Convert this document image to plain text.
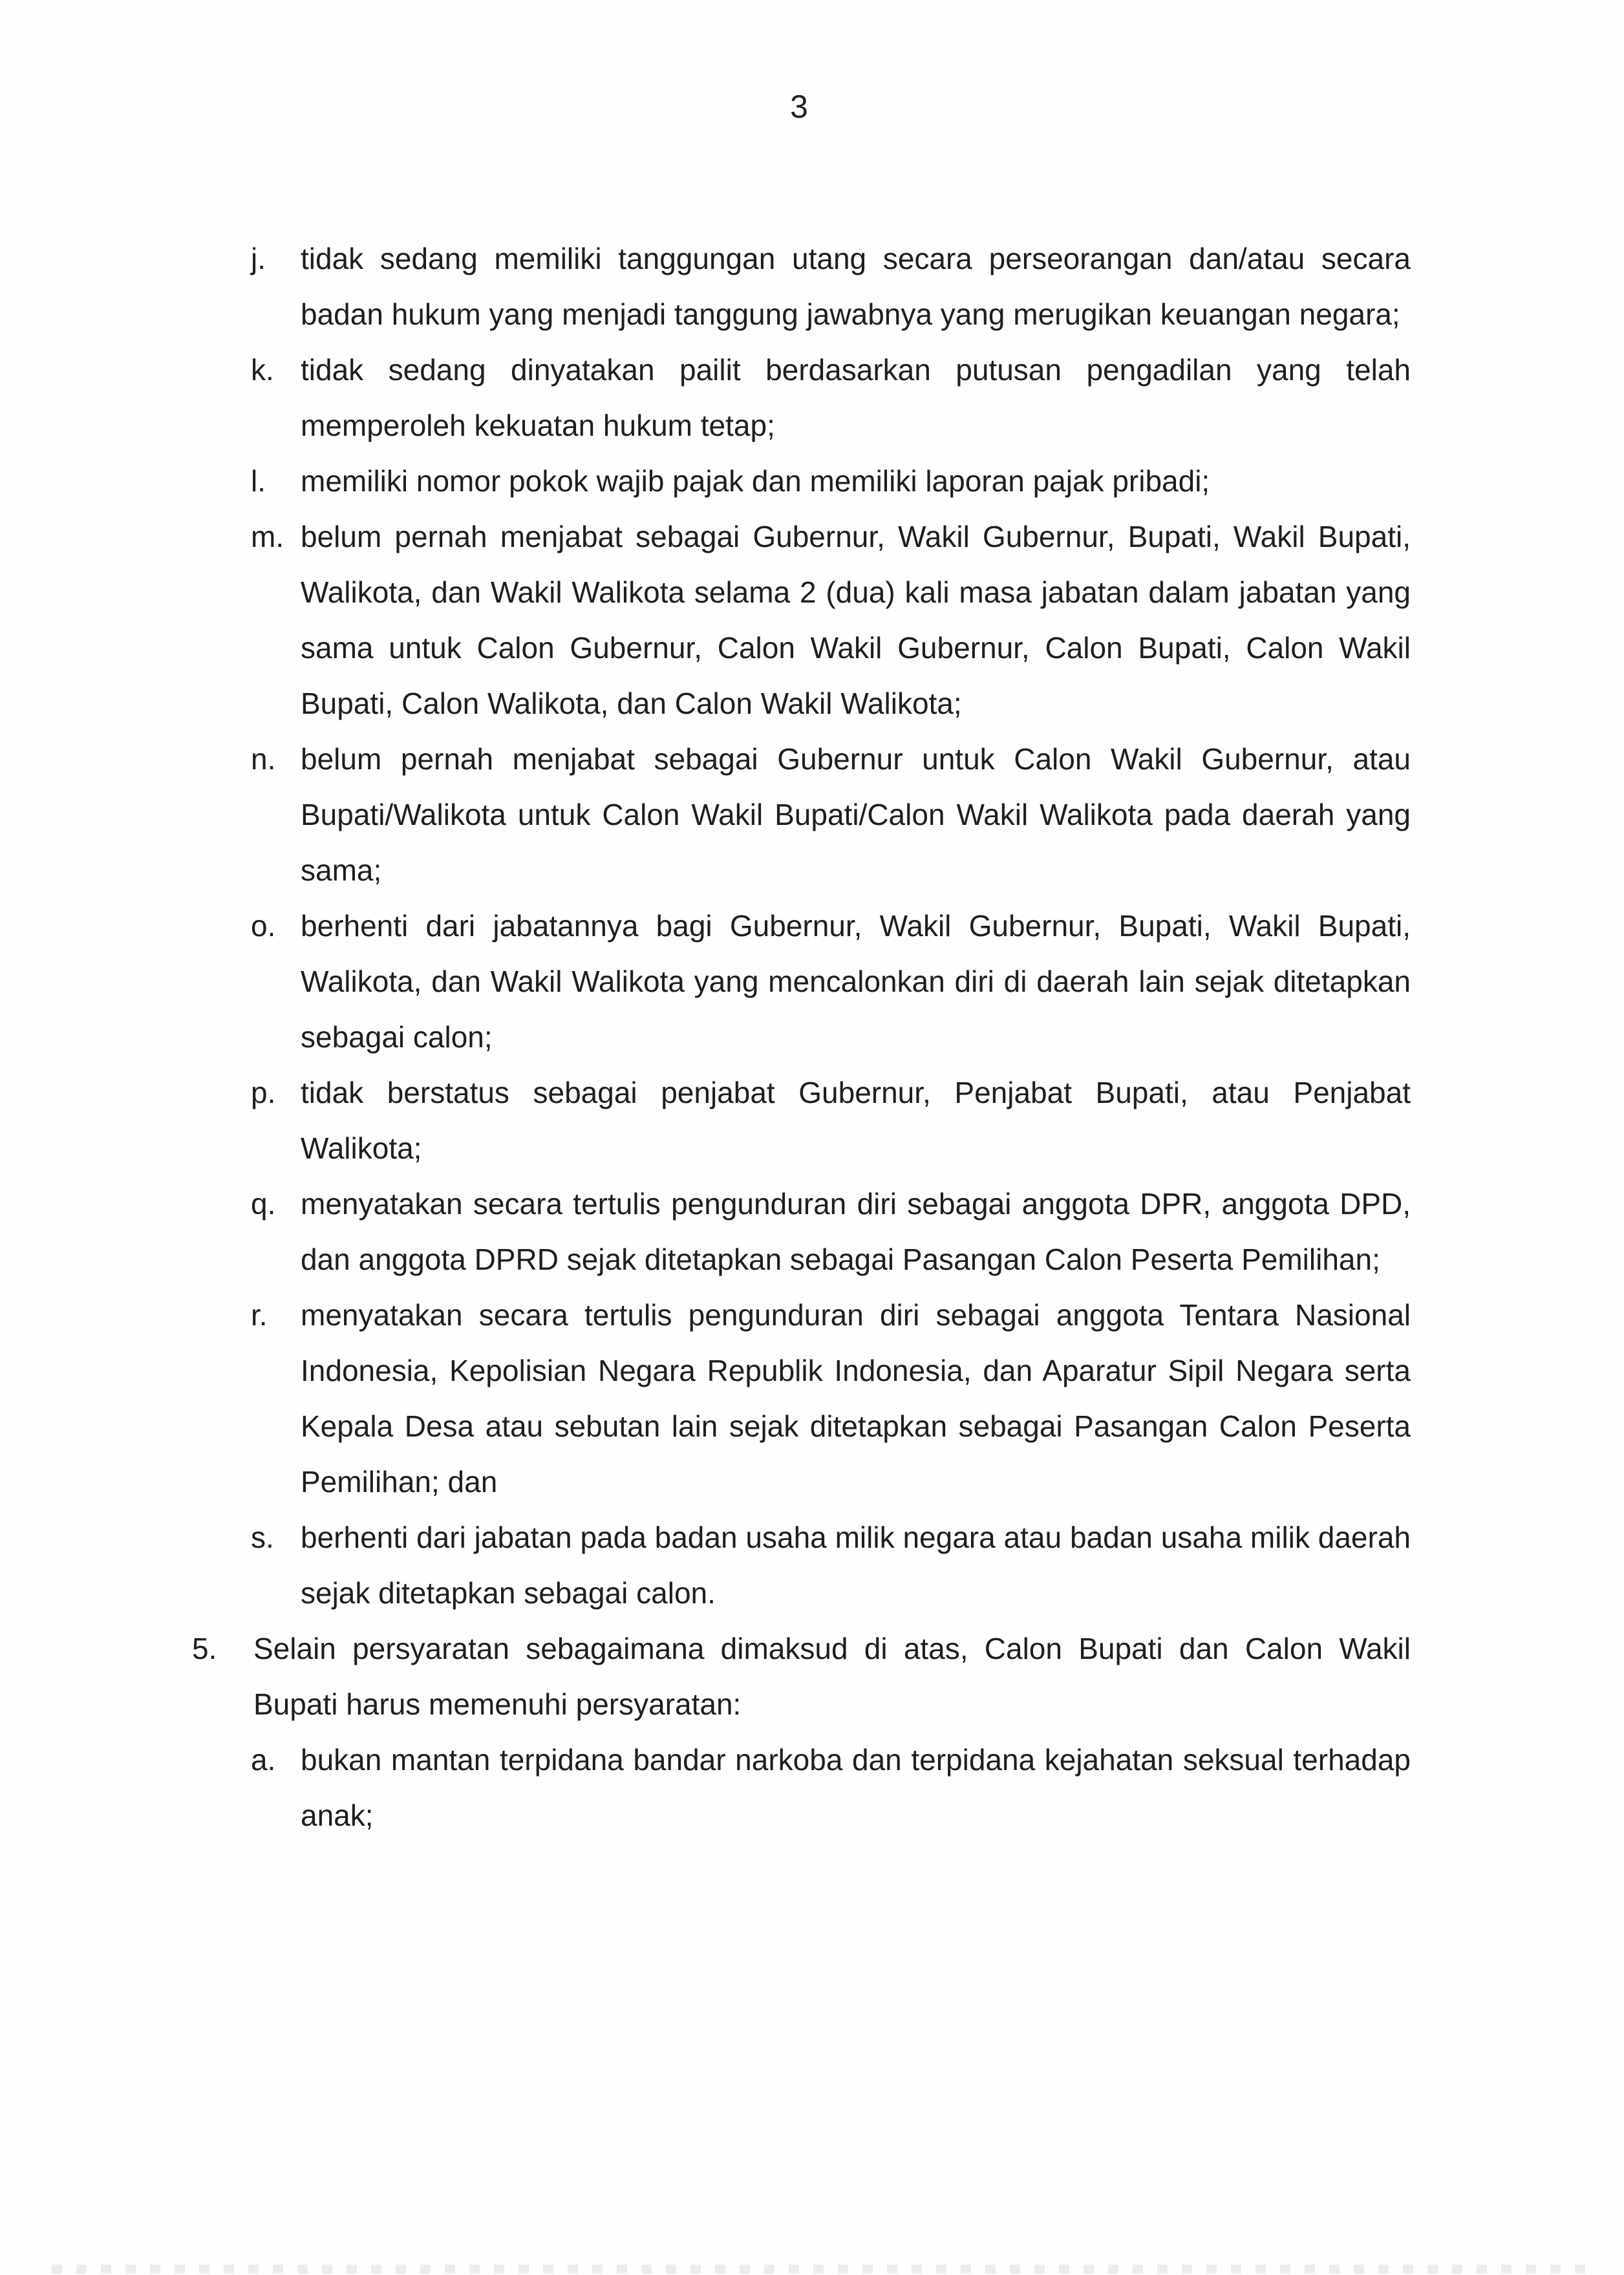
3
j.	tidak sedang memiliki tanggungan utang secara perseorangan dan/atau secara badan hukum yang menjadi tanggung jawabnya yang merugikan keuangan negara;
k. tidak sedang dinyatakan pailit berdasarkan putusan pengadilan yang telah memperoleh kekuatan hukum tetap;
l.	memiliki nomor pokok wajib pajak dan memiliki laporan pajak pribadi;
m. belum pernah menjabat sebagai Gubernur, Wakil Gubernur, Bupati, Wakil Bupati, Walikota, dan Wakil Walikota selama 2 (dua) kali masa jabatan dalam jabatan yang sama untuk Calon Gubernur, Calon Wakil Gubernur, Calon Bupati, Calon Wakil Bupati, Calon Walikota, dan Calon Wakil Walikota;
n. belum pernah menjabat sebagai Gubernur untuk Calon Wakil Gubernur, atau Bupati/Walikota untuk Calon Wakil Bupati/Calon Wakil Walikota pada daerah yang sama;
o. berhenti dari jabatannya bagi Gubernur, Wakil Gubernur, Bupati, Wakil Bupati, Walikota, dan Wakil Walikota yang mencalonkan diri di daerah lain sejak ditetapkan sebagai calon;
p. tidak berstatus sebagai penjabat Gubernur, Penjabat Bupati, atau Penjabat Walikota;
q. menyatakan secara tertulis pengunduran diri sebagai anggota DPR, anggota DPD, dan anggota DPRD sejak ditetapkan sebagai Pasangan Calon Peserta Pemilihan;
r.	menyatakan secara tertulis pengunduran diri sebagai anggota Tentara Nasional Indonesia, Kepolisian Negara Republik Indonesia, dan Aparatur Sipil Negara serta Kepala Desa atau sebutan lain sejak ditetapkan sebagai Pasangan Calon Peserta Pemilihan; dan
s. berhenti dari jabatan pada badan usaha milik negara atau badan usaha milik daerah sejak ditetapkan sebagai calon.
5.	Selain persyaratan sebagaimana dimaksud di atas, Calon Bupati dan Calon Wakil Bupati harus memenuhi persyaratan:
a. bukan mantan terpidana bandar narkoba dan terpidana kejahatan seksual terhadap anak;
